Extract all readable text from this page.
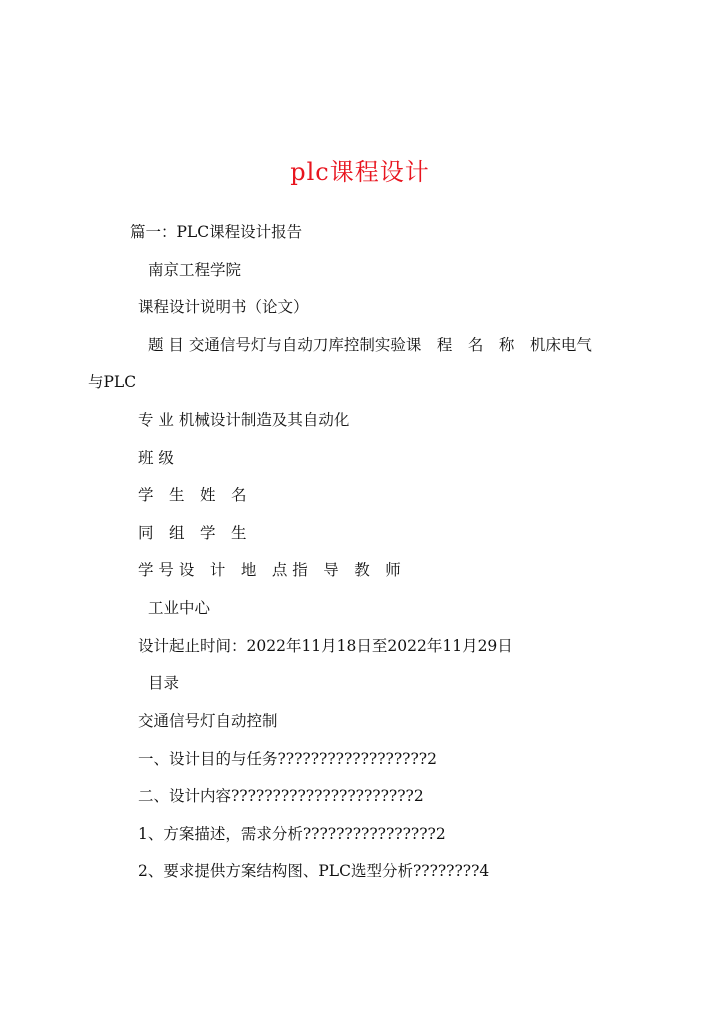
plc课程设计
篇一：PLC课程设计报告
南京工程学院
课程设计说明书（论文）
题 目 交通信号灯与自动刀库控制实验课　程　名　称　机床电气
与PLC
专 业 机械设计制造及其自动化
班 级
学　生　姓　名
同　组　学　生
学 号 设　计　地　点 指　导　教　师
工业中心
设计起止时间：2022年11月18日至2022年11月29日
目录
交通信号灯自动控制
一、设计目的与任务??????????????????2
二、设计内容??????????????????????2
1、方案描述，需求分析????????????????2
2、要求提供方案结构图、PLC选型分析????????4
